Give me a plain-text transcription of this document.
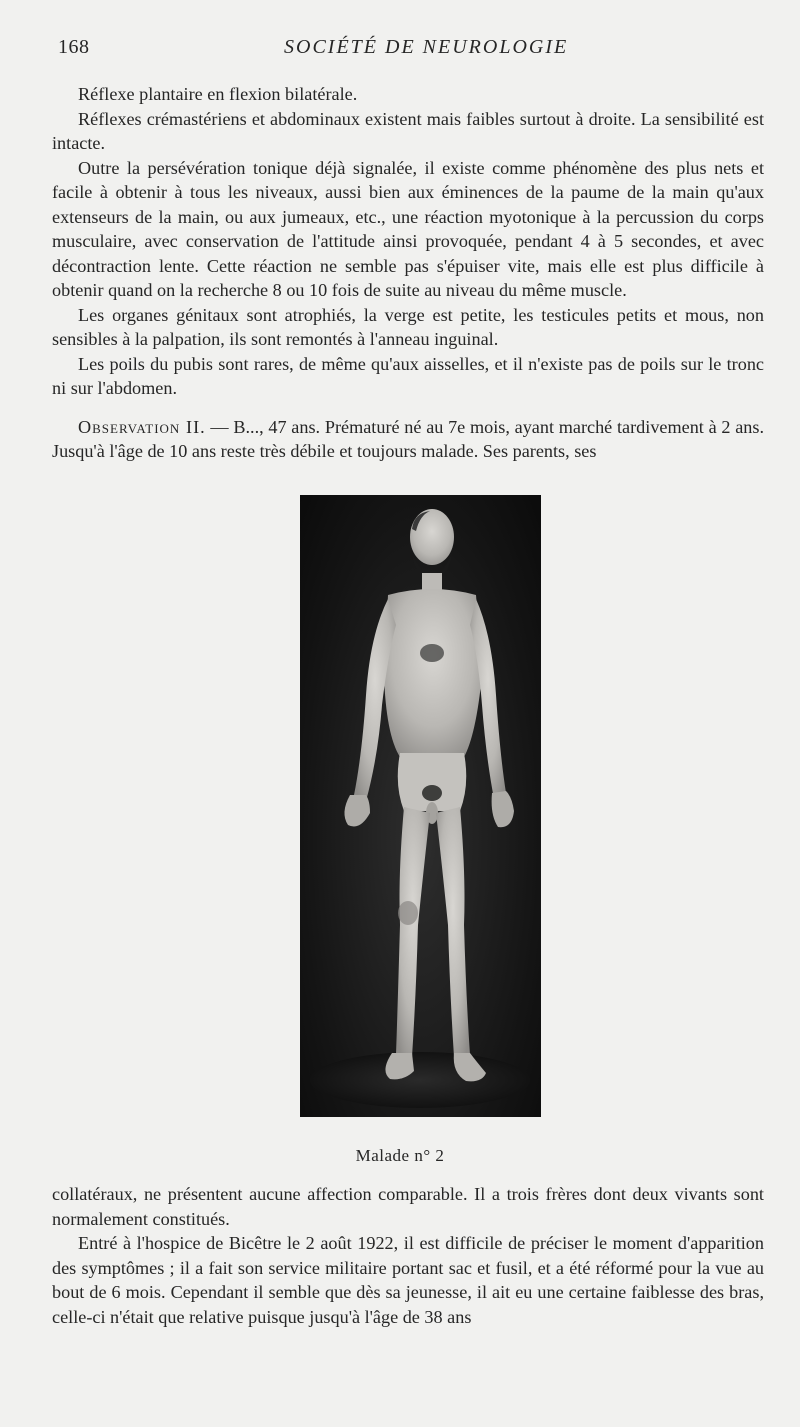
168	SOCIÉTÉ DE NEUROLOGIE

Réflexe plantaire en flexion bilatérale.

Réflexes crémastériens et abdominaux existent mais faibles surtout à droite. La sensibilité est intacte.

Outre la persévération tonique déjà signalée, il existe comme phénomène des plus nets et facile à obtenir à tous les niveaux, aussi bien aux éminences de la paume de la main qu'aux extenseurs de la main, ou aux jumeaux, etc., une réaction myotonique à la percussion du corps musculaire, avec conservation de l'attitude ainsi provoquée, pendant 4 à 5 secondes, et avec décontraction lente. Cette réaction ne semble pas s'épuiser vite, mais elle est plus difficile à obtenir quand on la recherche 8 ou 10 fois de suite au niveau du même muscle.

Les organes génitaux sont atrophiés, la verge est petite, les testicules petits et mous, non sensibles à la palpation, ils sont remontés à l'anneau inguinal.

Les poils du pubis sont rares, de même qu'aux aisselles, et il n'existe pas de poils sur le tronc ni sur l'abdomen.

Observation II. — B..., 47 ans. Prématuré né au 7e mois, ayant marché tardivement à 2 ans. Jusqu'à l'âge de 10 ans reste très débile et toujours malade. Ses parents, ses

Malade n° 2

collatéraux, ne présentent aucune affection comparable. Il a trois frères dont deux vivants sont normalement constitués.

Entré à l'hospice de Bicêtre le 2 août 1922, il est difficile de préciser le moment d'apparition des symptômes ; il a fait son service militaire portant sac et fusil, et a été réformé pour la vue au bout de 6 mois. Cependant il semble que dès sa jeunesse, il ait eu une certaine faiblesse des bras, celle-ci n'était que relative puisque jusqu'à l'âge de 38 ans
